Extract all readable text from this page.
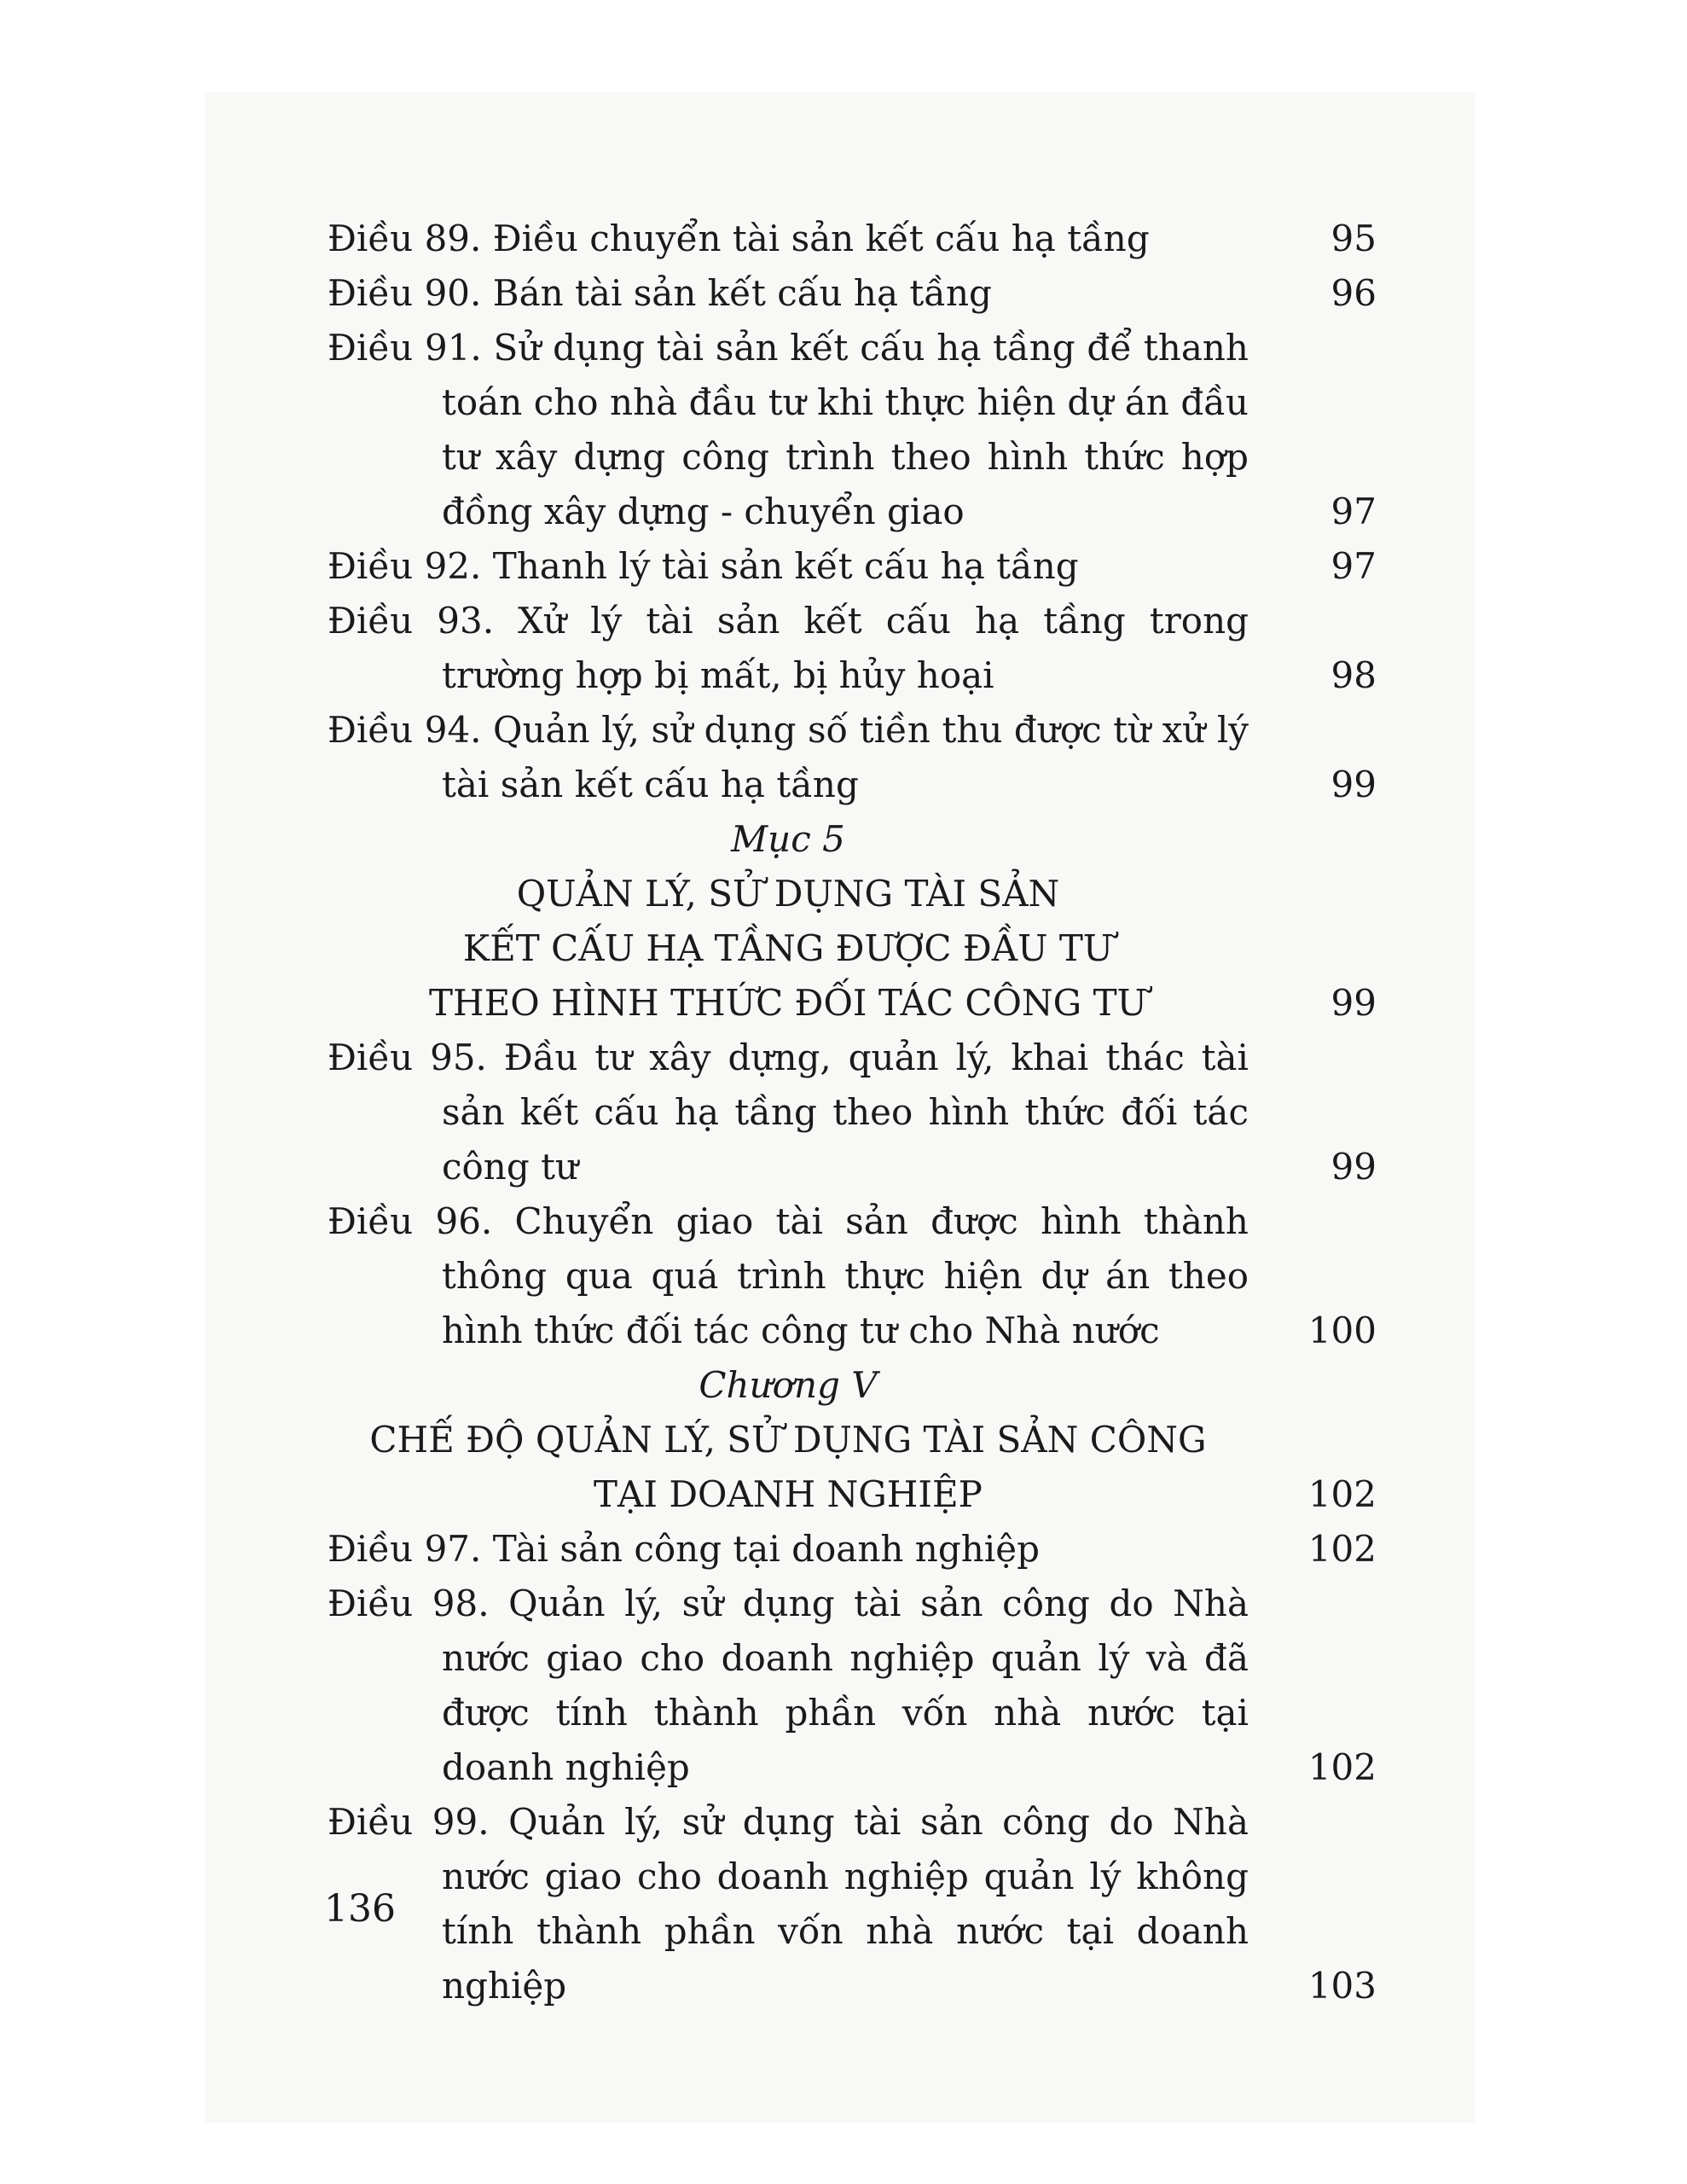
Điều 89. Điều chuyển tài sản kết cấu hạ tầng	95
Điều 90. Bán tài sản kết cấu hạ tầng	96
Điều 91. Sử dụng tài sản kết cấu hạ tầng để thanh toán cho nhà đầu tư khi thực hiện dự án đầu tư xây dựng công trình theo hình thức hợp đồng xây dựng - chuyển giao	97
Điều 92. Thanh lý tài sản kết cấu hạ tầng	97
Điều 93. Xử lý tài sản kết cấu hạ tầng trong trường hợp bị mất, bị hủy hoại	98
Điều 94. Quản lý, sử dụng số tiền thu được từ xử lý tài sản kết cấu hạ tầng	99
Mục 5
QUẢN LÝ, SỬ DỤNG TÀI SẢN
KẾT CẤU HẠ TẦNG ĐƯỢC ĐẦU TƯ
THEO HÌNH THỨC ĐỐI TÁC CÔNG TƯ	99
Điều 95. Đầu tư xây dựng, quản lý, khai thác tài sản kết cấu hạ tầng theo hình thức đối tác công tư	99
Điều 96. Chuyển giao tài sản được hình thành thông qua quá trình thực hiện dự án theo hình thức đối tác công tư cho Nhà nước	100
Chương V
CHẾ ĐỘ QUẢN LÝ, SỬ DỤNG TÀI SẢN CÔNG
TẠI DOANH NGHIỆP	102
Điều 97. Tài sản công tại doanh nghiệp	102
Điều 98. Quản lý, sử dụng tài sản công do Nhà nước giao cho doanh nghiệp quản lý và đã được tính thành phần vốn nhà nước tại doanh nghiệp	102
Điều 99. Quản lý, sử dụng tài sản công do Nhà nước giao cho doanh nghiệp quản lý không tính thành phần vốn nhà nước tại doanh nghiệp	103
136
